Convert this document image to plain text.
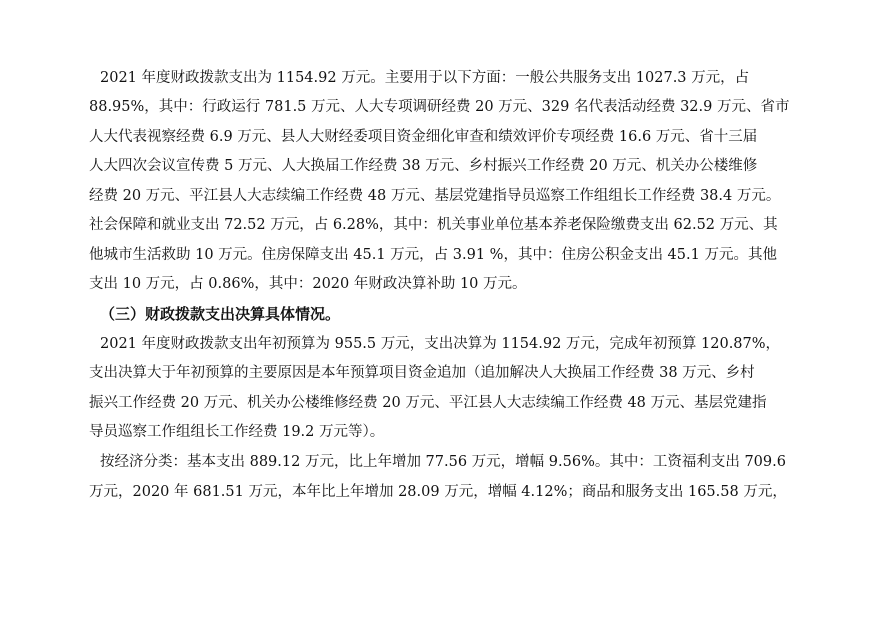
2021 年度财政拨款支出为 1154.92 万元。主要用于以下方面：一般公共服务支出 1027.3 万元，占
88.95%，其中：行政运行 781.5 万元、人大专项调研经费 20 万元、329 名代表活动经费 32.9 万元、省市
人大代表视察经费 6.9 万元、县人大财经委项目资金细化审查和绩效评价专项经费 16.6 万元、省十三届
人大四次会议宣传费 5 万元、人大换届工作经费 38 万元、乡村振兴工作经费 20 万元、机关办公楼维修
经费 20 万元、平江县人大志续编工作经费 48 万元、基层党建指导员巡察工作组组长工作经费 38.4 万元。
社会保障和就业支出 72.52 万元，占 6.28%，其中：机关事业单位基本养老保险缴费支出 62.52 万元、其
他城市生活救助 10 万元。住房保障支出 45.1 万元，占 3.91 %，其中：住房公积金支出 45.1 万元。其他
支出 10 万元，占 0.86%，其中：2020 年财政决算补助 10 万元。
（三）财政拨款支出决算具体情况。
2021 年度财政拨款支出年初预算为 955.5 万元，支出决算为 1154.92 万元，完成年初预算 120.87%，
支出决算大于年初预算的主要原因是本年预算项目资金追加（追加解决人大换届工作经费 38 万元、乡村
振兴工作经费 20 万元、机关办公楼维修经费 20 万元、平江县人大志续编工作经费 48 万元、基层党建指
导员巡察工作组组长工作经费 19.2 万元等）。
按经济分类：基本支出 889.12 万元，比上年增加 77.56 万元，增幅 9.56%。其中：工资福利支出 709.6
万元，2020 年 681.51 万元，本年比上年增加 28.09 万元，增幅 4.12%；商品和服务支出 165.58 万元，
